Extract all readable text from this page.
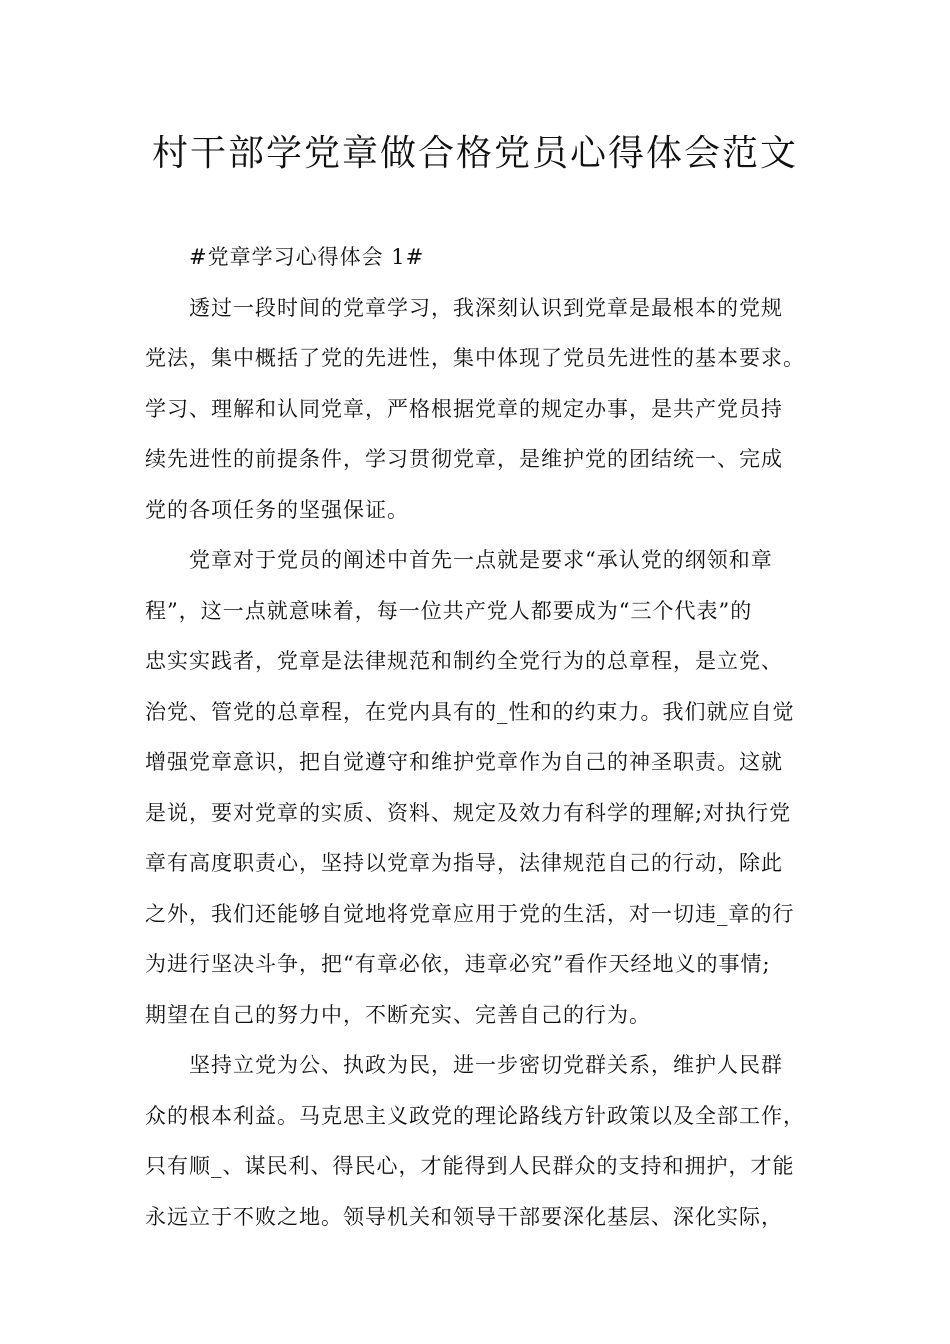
村干部学党章做合格党员心得体会范文

#党章学习心得体会 1#

透过一段时间的党章学习，我深刻认识到党章是最根本的党规
党法，集中概括了党的先进性，集中体现了党员先进性的基本要求。
学习、理解和认同党章，严格根据党章的规定办事，是共产党员持
续先进性的前提条件，学习贯彻党章，是维护党的团结统一、完成
党的各项任务的坚强保证。

党章对于党员的阐述中首先一点就是要求“承认党的纲领和章
程”，这一点就意味着，每一位共产党人都要成为“三个代表”的
忠实实践者，党章是法律规范和制约全党行为的总章程，是立党、
治党、管党的总章程，在党内具有的_性和的约束力。我们就应自觉
增强党章意识，把自觉遵守和维护党章作为自己的神圣职责。这就
是说，要对党章的实质、资料、规定及效力有科学的理解;对执行党
章有高度职责心，坚持以党章为指导，法律规范自己的行动，除此
之外，我们还能够自觉地将党章应用于党的生活，对一切违_章的行
为进行坚决斗争，把“有章必依，违章必究”看作天经地义的事情;
期望在自己的努力中，不断充实、完善自己的行为。

坚持立党为公、执政为民，进一步密切党群关系，维护人民群
众的根本利益。马克思主义政党的理论路线方针政策以及全部工作，
只有顺_、谋民利、得民心，才能得到人民群众的支持和拥护，才能
永远立于不败之地。领导机关和领导干部要深化基层、深化实际，
